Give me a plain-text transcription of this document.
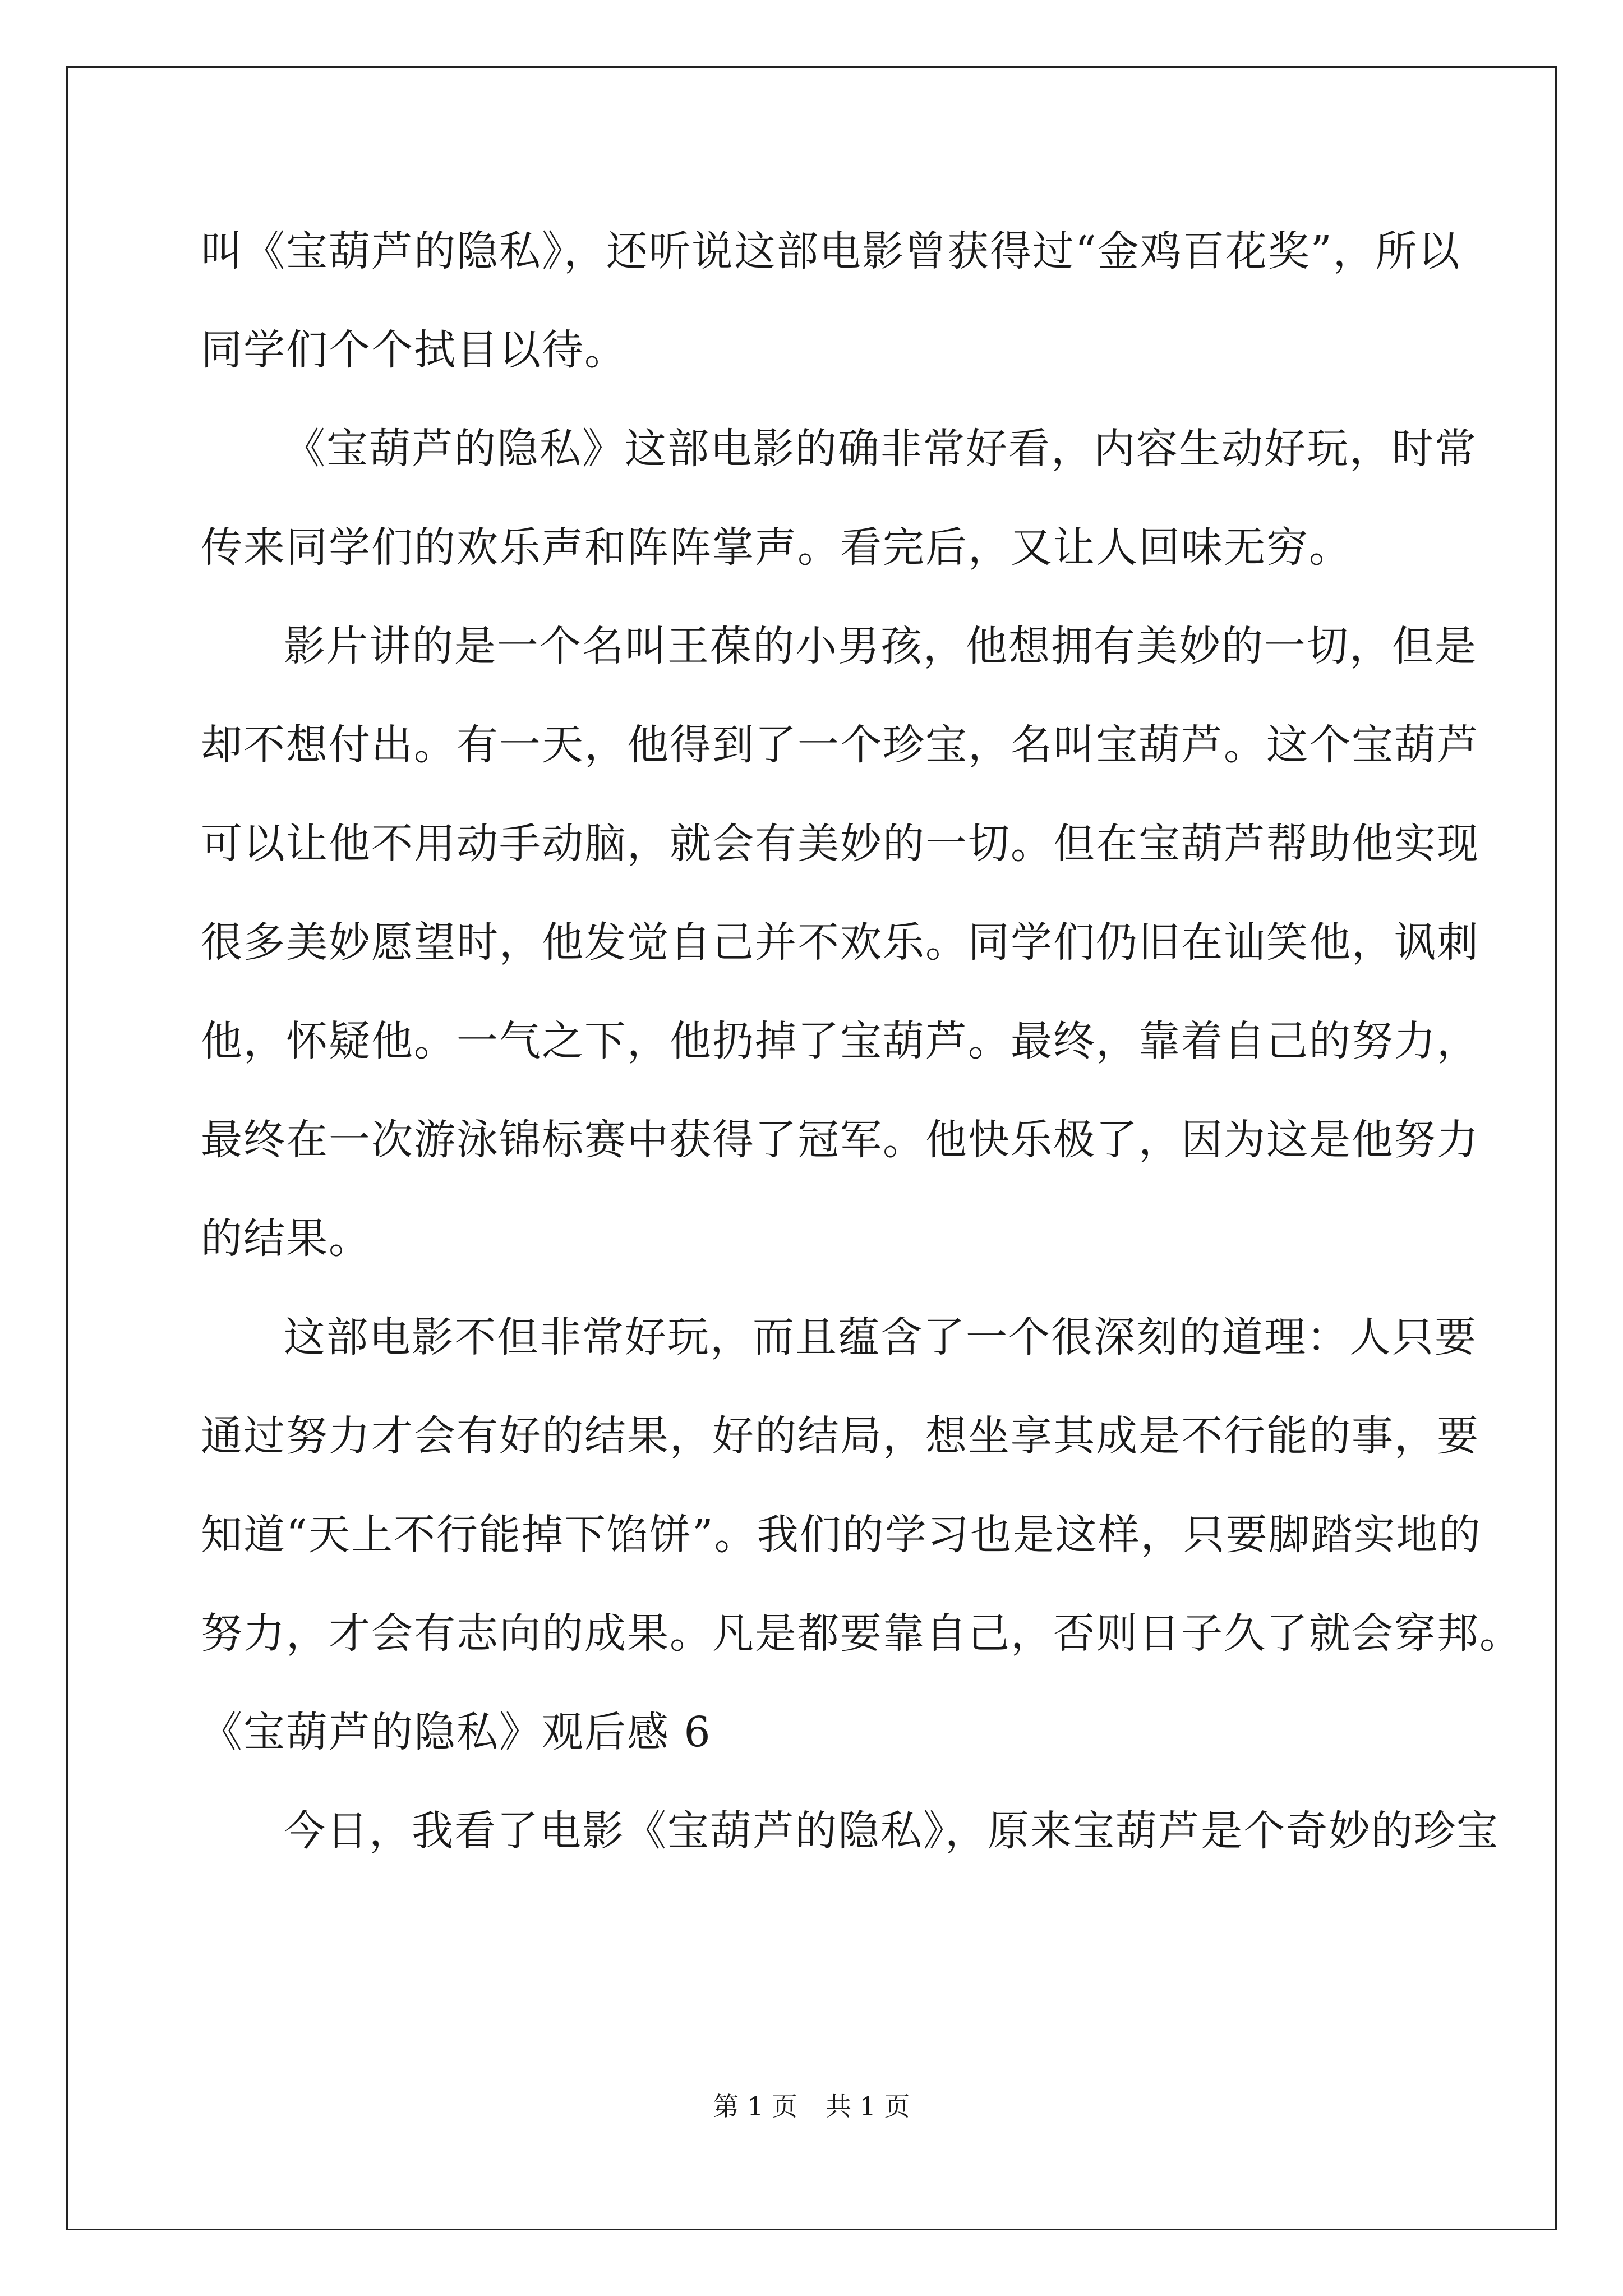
叫《宝葫芦的隐私》，还听说这部电影曾获得过“金鸡百花奖”，所以
同学们个个拭目以待。
《宝葫芦的隐私》这部电影的确非常好看，内容生动好玩，时常
传来同学们的欢乐声和阵阵掌声。看完后，又让人回味无穷。
影片讲的是一个名叫王葆的小男孩，他想拥有美妙的一切，但是
却不想付出。有一天，他得到了一个珍宝，名叫宝葫芦。这个宝葫芦
可以让他不用动手动脑，就会有美妙的一切。但在宝葫芦帮助他实现
很多美妙愿望时，他发觉自己并不欢乐。同学们仍旧在讪笑他，讽刺
他，怀疑他。一气之下，他扔掉了宝葫芦。最终，靠着自己的努力，
最终在一次游泳锦标赛中获得了冠军。他快乐极了，因为这是他努力
的结果。
这部电影不但非常好玩，而且蕴含了一个很深刻的道理：人只要
通过努力才会有好的结果，好的结局，想坐享其成是不行能的事，要
知道“天上不行能掉下馅饼”。我们的学习也是这样，只要脚踏实地的
努力，才会有志向的成果。凡是都要靠自己，否则日子久了就会穿邦。
《宝葫芦的隐私》观后感 6
今日，我看了电影《宝葫芦的隐私》，原来宝葫芦是个奇妙的珍宝
第 1 页 共 1 页
